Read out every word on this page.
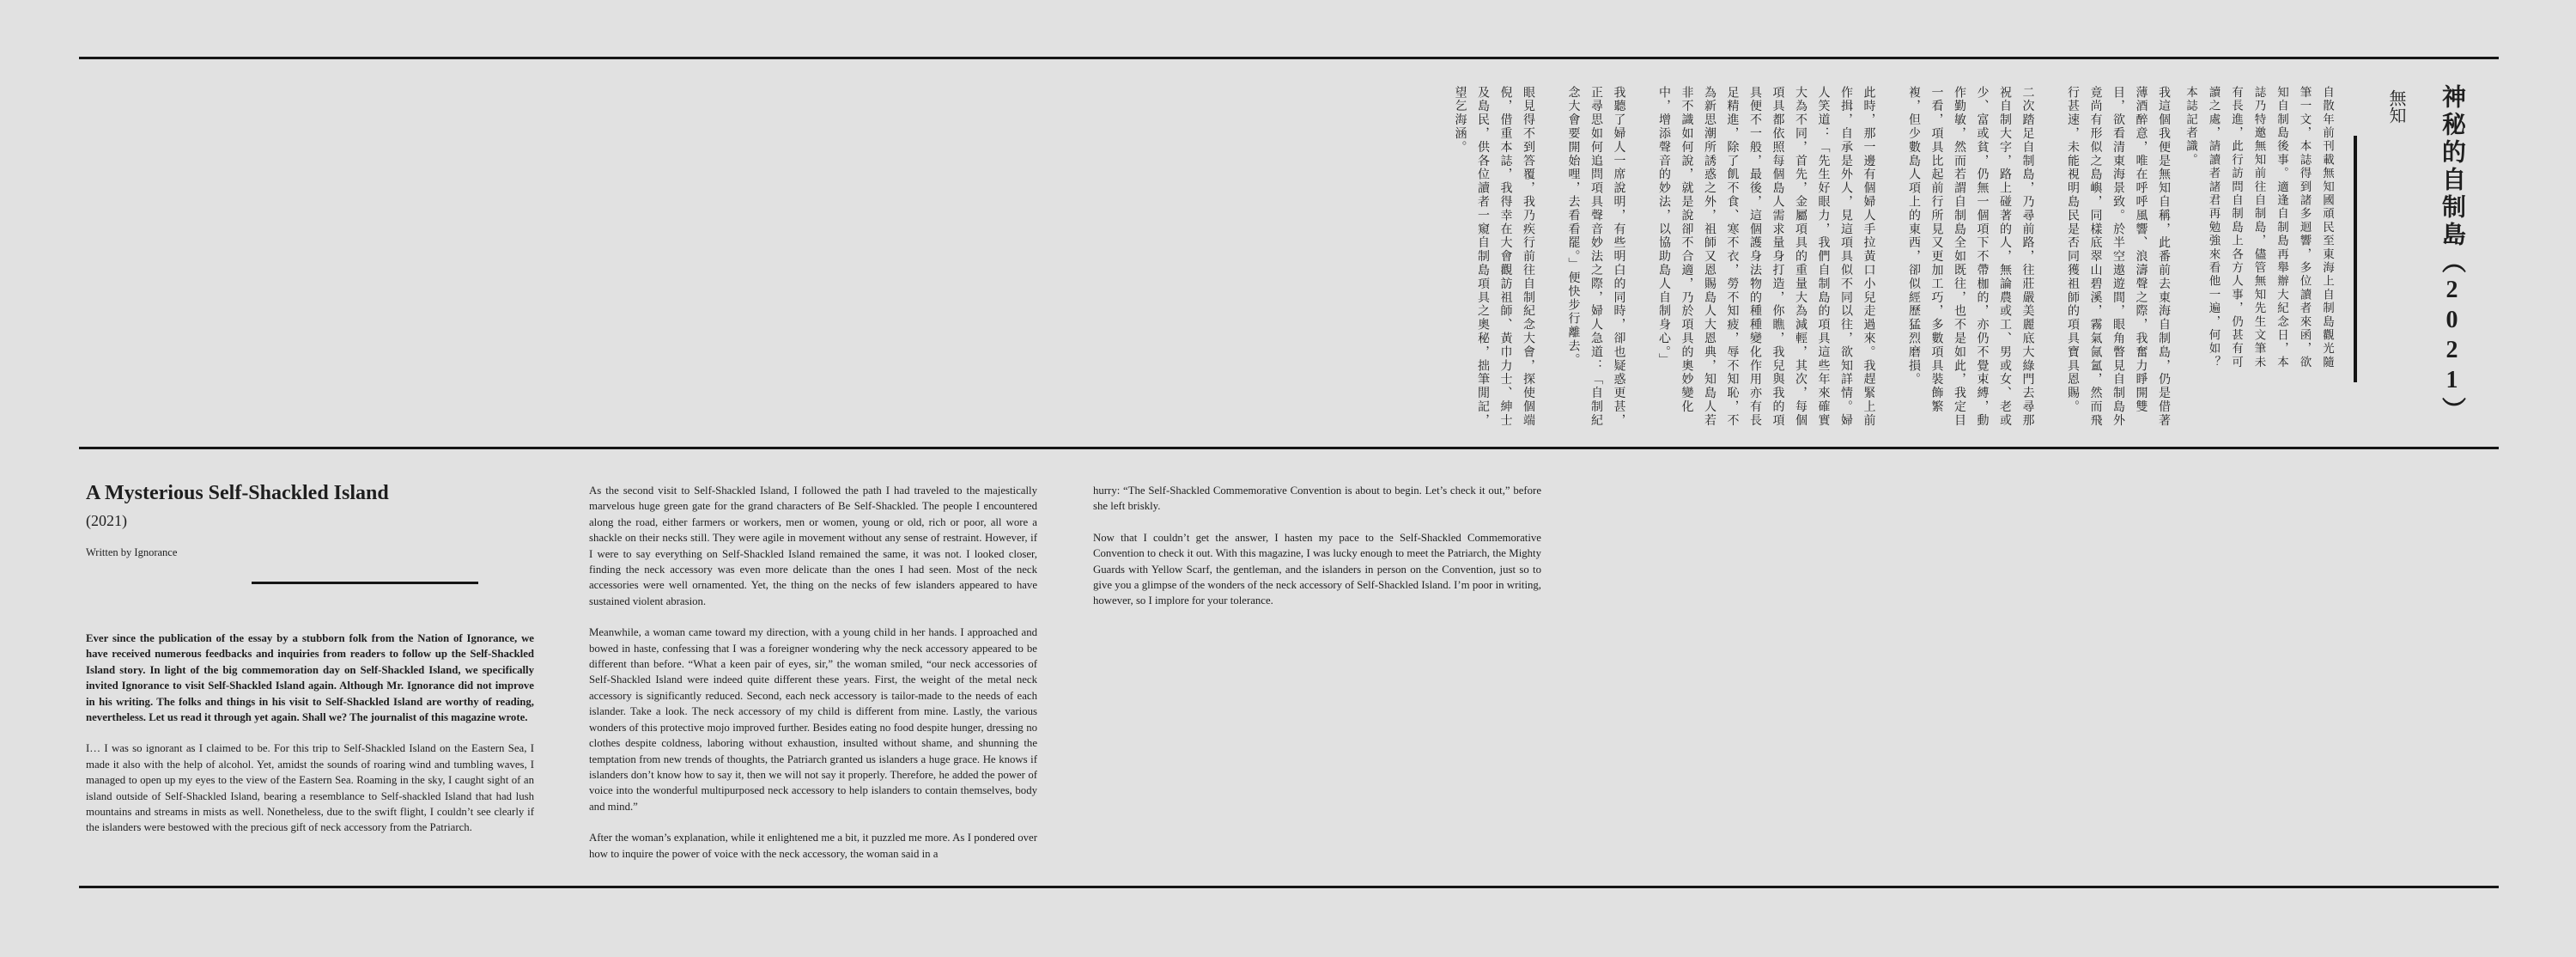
神秘的自制島（2021）
無知
自散年前刊載無知國頑民至東海上自制島觀光隨筆一文，本誌得到諸多迴響，多位讀者來函，欲知自制島後事。適逢自制島再舉辦大紀念日，本誌乃特邀無知前往自制島，儘管無知先生文筆未有長進，此行訪問自制島上各方人事，仍甚有可讀之處，請讀者諸君再勉強來看他一遍，何如？本誌記者識。

我這個我便是無知自稱，此番前去東海自制島，仍是借著薄酒醉意，唯在呼呼風響、浪濤聲之際，我奮力睜開雙目，欲看清東海景致。於半空遨遊間，眼角瞥見自制島外竟尚有形似之島嶼，同樣底翠山碧溪，霧氣氤氳，然而飛行甚速，未能視明島民是否同獲祖師的項具寶具恩賜。

二次踏足自制島，乃尋前路，往莊嚴美麗底大綠門去尋那祝自制大字，路上碰著的人，無論農或工、男或女、老或少、富或貧，仍無一個項下不帶枷的，亦仍不覺束縛，動作勤敏，然而若謂自制島全如既往，也不是如此，我定目一看，項具比起前行所見又更加工巧，多數項具裝飾繁複，但少數島人項上的東西，卻似經歷猛烈磨損。

此時，那一邊有個婦人手拉黃口小兒走過來。我趕緊上前作揖，自承是外人，見這項具似不同以往，欲知詳情。婦人笑道：「先生好眼力，我們自制島的項具這些年來確實大為不同，首先，金屬項具的重量大為減輕，其次，每個項具都依照每個島人需求量身打造，你瞧，我兒與我的項具便不一般，最後，這個護身法物的種種變化作用亦有長足精進，除了飢不食、寒不衣，勞不知疲，辱不知恥，不為新思潮所誘惑之外，祖師又恩賜島人大恩典，知島人若非不識如何說，就是說卻不合適，乃於項具的奧妙變化中，增添聲音的妙法，以協助島人自制身心。」

我聽了婦人一席說明，有些明白的同時，卻也疑惑更甚，正尋思如何追問項具聲音妙法之際，婦人急道：「自制紀念大會要開始哩，去看看罷。」便快步行離去。

眼見得不到答覆，我乃疾行前往自制紀念大會，探使個端倪，借重本誌，我得幸在大會觀訪祖師、黃巾力士、紳士及島民，供各位讀者一窺自制島項具之奧秘，拙筆閒記，望乞海涵。

A Mysterious Self-Shackled Island
(2021)
Written by Ignorance

Ever since the publication of the essay by a stubborn folk from the Nation of Ignorance, we have received numerous feedbacks and inquiries from readers to follow up the Self-Shackled Island story. In light of the big commemoration day on Self-Shackled Island, we specifically invited Ignorance to visit Self-Shackled Island again. Although Mr. Ignorance did not improve in his writing. The folks and things in his visit to Self-Shackled Island are worthy of reading, nevertheless. Let us read it through yet again. Shall we? The journalist of this magazine wrote.

I… I was so ignorant as I claimed to be. For this trip to Self-Shackled Island on the Eastern Sea, I made it also with the help of alcohol. Yet, amidst the sounds of roaring wind and tumbling waves, I managed to open up my eyes to the view of the Eastern Sea. Roaming in the sky, I caught sight of an island outside of Self-Shackled Island, bearing a resemblance to Self-shackled Island that had lush mountains and streams in mists as well. Nonetheless, due to the swift flight, I couldn’t see clearly if the islanders were bestowed with the precious gift of neck accessory from the Patriarch.

As the second visit to Self-Shackled Island, I followed the path I had traveled to the majestically marvelous huge green gate for the grand characters of Be Self-Shackled. The people I encountered along the road, either farmers or workers, men or women, young or old, rich or poor, all wore a shackle on their necks still. They were agile in movement without any sense of restraint. However, if I were to say everything on Self-Shackled Island remained the same, it was not. I looked closer, finding the neck accessory was even more delicate than the ones I had seen. Most of the neck accessories were well ornamented. Yet, the thing on the necks of few islanders appeared to have sustained violent abrasion.

Meanwhile, a woman came toward my direction, with a young child in her hands. I approached and bowed in haste, confessing that I was a foreigner wondering why the neck accessory appeared to be different than before. “What a keen pair of eyes, sir,” the woman smiled, “our neck accessories of Self-Shackled Island were indeed quite different these years. First, the weight of the metal neck accessory is significantly reduced. Second, each neck accessory is tailor-made to the needs of each islander. Take a look. The neck accessory of my child is different from mine. Lastly, the various wonders of this protective mojo improved further. Besides eating no food despite hunger, dressing no clothes despite coldness, laboring without exhaustion, insulted without shame, and shunning the temptation from new trends of thoughts, the Patriarch granted us islanders a huge grace. He knows if islanders don’t know how to say it, then we will not say it properly. Therefore, he added the power of voice into the wonderful multipurposed neck accessory to help islanders to contain themselves, body and mind.”

After the woman’s explanation, while it enlightened me a bit, it puzzled me more. As I pondered over how to inquire the power of voice with the neck accessory, the woman said in a

hurry: “The Self-Shackled Commemorative Convention is about to begin. Let’s check it out,” before she left briskly.

Now that I couldn’t get the answer, I hasten my pace to the Self-Shackled Commemorative Convention to check it out. With this magazine, I was lucky enough to meet the Patriarch, the Mighty Guards with Yellow Scarf, the gentleman, and the islanders in person on the Convention, just so to give you a glimpse of the wonders of the neck accessory of Self-Shackled Island. I’m poor in writing, however, so I implore for your tolerance.
